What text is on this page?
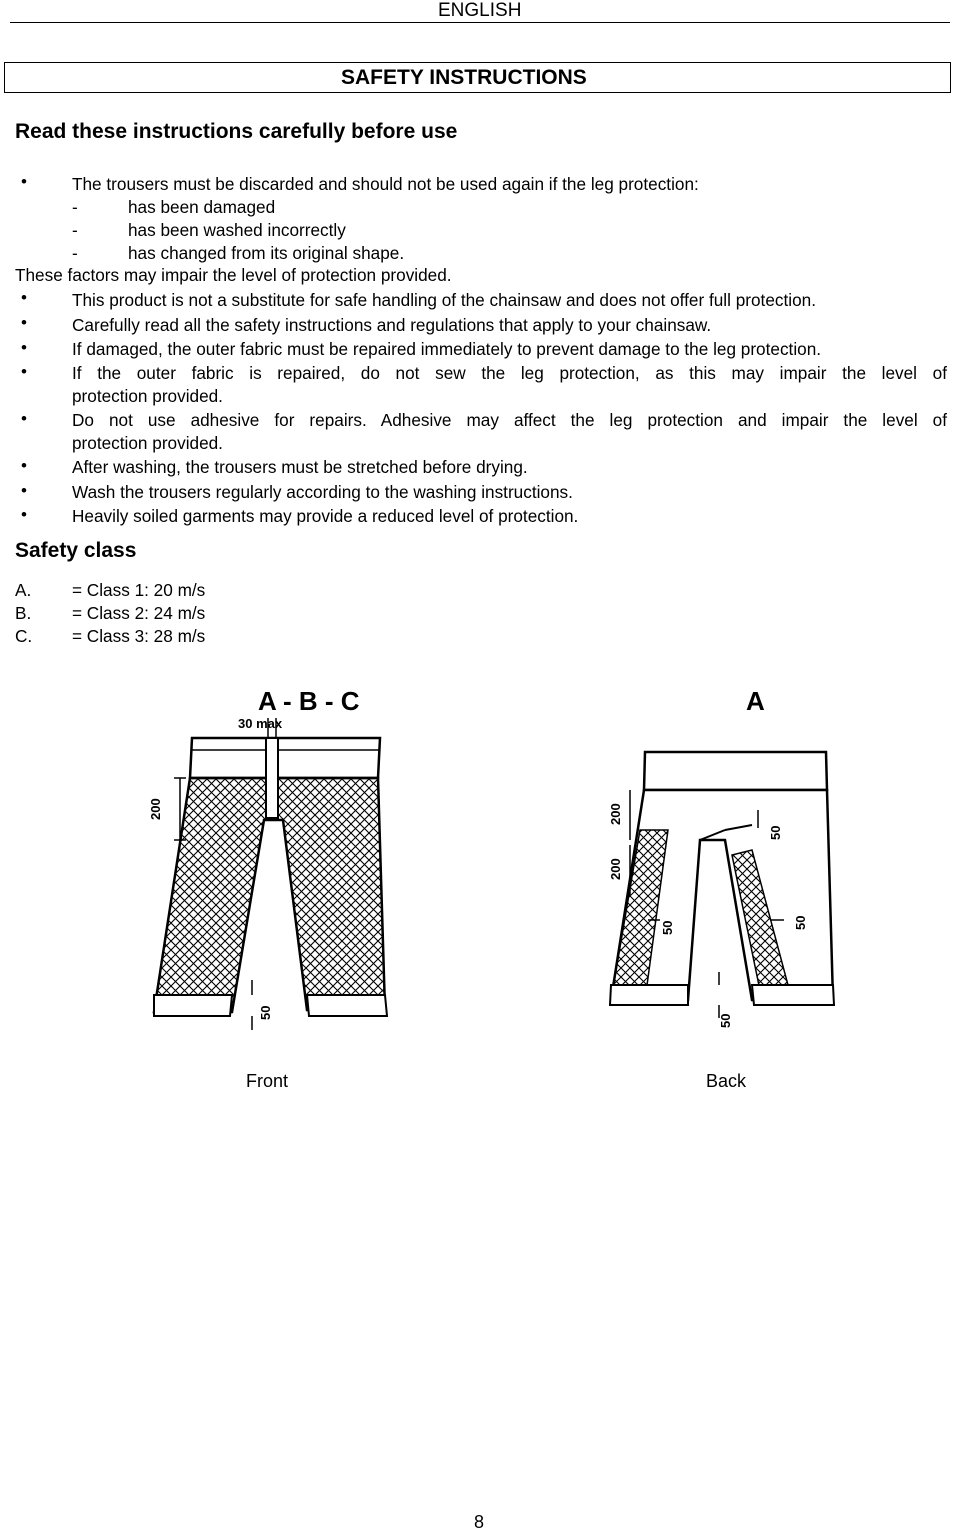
ENGLISH
SAFETY INSTRUCTIONS
Read these instructions carefully before use
•	The trousers must be discarded and should not be used again if the leg protection:
-	has been damaged
-	has been washed incorrectly
-	has changed from its original shape.
These factors may impair the level of protection provided.
•	This product is not a substitute for safe handling of the chainsaw and does not offer full protection.
•	Carefully read all the safety instructions and regulations that apply to your chainsaw.
•	If damaged, the outer fabric must be repaired immediately to prevent damage to the leg protection.
•	If the outer fabric is repaired, do not sew the leg protection, as this may impair the level of
protection provided.
•	Do not use adhesive for repairs. Adhesive may affect the leg protection and impair the level of
protection provided.
•	After washing, the trousers must be stretched before drying.
•	Wash the trousers regularly according to the washing instructions.
•	Heavily soiled garments may provide a reduced level of protection.
Safety class
A. = Class 1: 20 m/s
B. = Class 2: 24 m/s
C. = Class 3: 28 m/s
A - B - C
30 max
200
50
A
200
200
50
50
50
50
Front	Back
8
